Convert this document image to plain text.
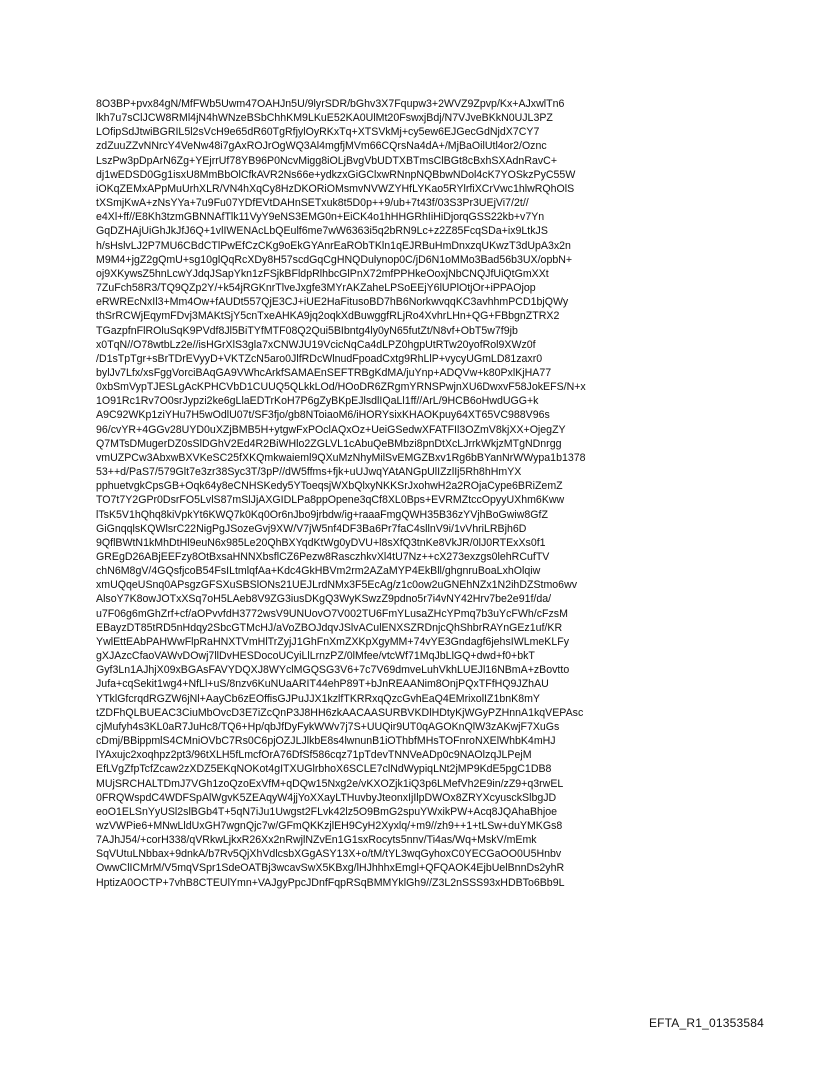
8O3BP+pvx84gN/MfFWb5Uwm47OAHJn5U/9lyrSDR/bGhv3X7Fqupw3+2WVZ9Zpvp/Kx+AJxwlTn6
lkh7u7sClJCW8RMl4jN4hWNzeBSbChhKM9LKuE52KA0UlMt20FswxjBdj/N7VJveBKkN0UJL3PZ
LOfipSdJtwiBGRIL5l2sVcH9e65dR60TgRfjylOyRKxTq+XTSVkMj+cy5ew6EJGecGdNjdX7CY7
zdZuuZZvNNrcY4VeNw48i7gAxROJrOgWQ3Al4mgfjMVm66CQrsNa4dA+/MjBaOilUtl4or2/Oznc
LszPw3pDpArN6Zg+YEjrrUf78YB96P0NcvMigg8iOLjBvgVbUDTXBTmsClBGt8cBxhSXAdnRavC+
dj1wEDSD0Gg1isxU8MmBbOlCfkAVR2Ns66e+ydkzxGiGClxwRNnpNQBbwNDol4cK7YOSkzPyC55W
iOKqZEMxAPpMuUrhXLR/VN4hXqCy8HzDKORiOMsmvNVWZYHfLYKao5RYlrfiXCrVwc1hlwRQhOlS
tXSmjKwA+zNsYYa+7u9Fu07YDfEVtDAHnSETxuk8t5D0p++9/ub+7t43f/03S3Pr3UEjVi7/2t//
e4Xl+ff//E8Kh3tzmGBNNAfTlk11VyY9eNS3EMG0n+EiCK4o1hHHGRhIiHiDjorqGSS22kb+v7Yn
GqDZHAjUiGhJkJfJ6Q+1vlIWENAcLbQEulf6me7wW6363i5q2bRN9Lc+z2Z85FcqSDa+ix9LtkJS
h/sHslvLJ2P7MU6CBdCTlPwEfCzCKg9oEkGYAnrEaRObTKln1qEJRBuHmDnxzqUKwzT3dUpA3x2n
M9M4+jgZ2gQmU+sg10glQqRcXDy8H57scdGqCgHNQDulynop0C/jD6N1oMMo3Bad56b3UX/opbN+
oj9XKywsZ5hnLcwYJdqJSapYkn1zFSjkBFldpRlhbcGlPnX72mfPPHkeOoxjNbCNQJfUiQtGmXXt
7ZuFch58R3/TQ9QZp2Y/+k54jRGKnrTlveJxgfe3MYrAKZaheLPSoEEjY6lUPlOtjOr+iPPAOjop
eRWREcNxIl3+Mm4Ow+fAUDt557QjE3CJ+iUE2HaFitusoBD7hB6NorkwvqqKC3avhhmPCD1bjQWy
thSrRCWjEqymFDvj3MAKtSjY5cnTxeAHKA9jq2oqkXdBuwggfRLjRo4XvhrLHn+QG+FBbgnZTRX2
TGazpfnFlROluSqK9PVdf8Jl5BiTYfMTF08Q2Qui5BIbntg4ly0yN65futZt/N8vf+ObT5w7f9jb
x0TqN//O78wtbLz2e//isHGrXlS3gla7xCNWJU19VcicNqCa4dLPZ0hgpUtRTw20yofRol9XWz0f
/D1sTpTgr+sBrTDrEVyyD+VKTZcN5aro0JlfRDcWlnudFpoadCxtg9RhLlP+vycyUGmLD81zaxr0
bylJv7Lfx/xsFggVorciBAqGA9VWhcArkfSAMAEnSEFTRBgKdMA/juYnp+ADQVw+k80PxlKjHA77
0xbSmVypTJESLgAcKPHCVbD1CUUQ5QLkkLOd/HOoDR6ZRgmYRNSPwjnXU6DwxvF58JokEFS/N+x
1O91Rc1Rv7O0srJypzi2ke6gLlaEDTrKoH7P6gZyBKpEJlsdlIQaLl1ff//ArL/9HCB6oHwdUGG+k
A9C92WKp1ziYHu7H5wOdlU07t/SF3fjo/gb8NToiaoM6/iHORYsixKHAOKpuy64XT65VC988V96s
96/cvYR+4GGv28UYD0uXZjBMB5H+ytgwFxPOclAQxOz+UeiGSedwXFATFIl3OZmV8kjXX+OjegZY
Q7MTsDMugerDZ0sSlDGhV2Ed4R2BiWHlo2ZGLVL1cAbuQeBMbzi8pnDtXcLJrrkWkjzMTgNDnrgg
vmUZPCw3AbxwBXVKeSC25fXKQmkwaieml9QXuMzNhyMilSvEMGZBxv1Rg6bBYanNrWWypa1b1378
53++d/PaS7/579Glt7e3zr38Syc3T/3pP//dW5ffms+fjk+uUJwqYAtANGpUlIZzlIj5Rh8hHmYX
pphuetvgkCpsGB+Oqk64y8eCNHSKedy5YToeqsjWXbQlxyNKKSrJxohwH2a2ROjaCype6BRiZemZ
TO7t7Y2GPr0DsrFO5LvlS87mSlJjAXGIDLPa8ppOpene3qCf8XL0Bps+EVRMZtccOpyyUXhm6Kww
lTsK5V1hQhq8kiVpkYt6KWQ7k0Kq0Or6nJbo9jrbdw/ig+raaaFmgQWH35B36zYVjhBoGwiw8GfZ
GiGnqqlsKQWlsrC22NigPgJSozeGvj9XW/V7jW5nf4DF3Ba6Pr7faC4sllnV9i/1vVhriLRBjh6D
9QflBWtN1kMhDtHl9euN6x985Le20QhBXYqdKtWg0yDVU+l8sXfQ3tnKe8VkJR/0lJ0RTExXs0f1
GREgD26ABjEEFzy8OtBxsaHNNXbsflCZ6Pezw8RasczhkvXl4tU7Nz++cX273exzgs0lehRCufTV
chN6M8gV/4GQsfjcoB54FsILtmlqfAa+Kdc4GkHBVm2rm2AZaMYP4EkBll/ghgnruBoaLxhOlqiw
xmUQqeUSnq0APsgzGFSXuSBSlONs21UEJLrdNMx3F5EcAg/z1c0ow2uGNEhNZx1N2ihDZStmo6wv
AlsoY7K8owJOTxXSq7oH5LAeb8V9ZG3iusDKgQ3WyKSwzZ9pdno5r7i4vNY42Hrv7be2e91f/da/
u7F06g6mGhZrf+cf/aOPvvfdH3772wsV9UNUovO7V002TU6FmYLusaZHcYPmq7b3uYcFWh/cFzsM
EBayzDT85tRD5nHdqy2SbcGTMcHJ/aVoZBOJdqvJSlvACulENXSZRDnjcQhShbrRAYnGEz1uf/KR
YwlEttEAbPAHWwFlpRaHNXTVmHlTrZyjJ1GhFnXmZXKpXgyMM+74vYE3Gndagf6jehsIWLmeKLFy
gXJAzcCfaoVAWvDOwj7llDvHESDocoUCyiLlLrnzPZ/0lMfee/vtcWf71MqJbLlGQ+dwd+f0+bkT
Gyf3Ln1AJhjX09xBGAsFAVYDQXJ8WYclMGQSG3V6+7c7V69dmveLuhVkhLUEJl16NBmA+zBovtto
Jufa+cqSekit1wg4+NfLl+uS/8nzv6KuNUaARIT44ehP89T+bJnREAANim8OnjPQxTFfHQ9JZhAU
YTklGfcrqdRGZW6jNl+AayCb6zEOffisGJPuJJX1kzlfTKRRxqQzcGvhEaQ4EMrixolIZ1bnK8mY
tZDFhQLBUEAC3CiuMbOvcD3E7iZcQnP3J8HH6zkAACAASURBVKDlHDtyKjWGyPZHnnA1kqVEPAsc
cjMufyh4s3KL0aR7JuHc8/TQ6+Hp/qbJfDyFykWWv7j7S+UUQir9UT0qAGOKnQlW3zAKwjF7XuGs
cDmj/BBippmlS4CMniOVbC7Rs0C6pjOZJLJlkbE8s4lwnunB1iOThbfMHsTOFnroNXElWhbK4mHJ
lYAxujc2xoqhpz2pt3/96tXLH5fLmcfOrA76DfSf586cqz71pTdevTNNVeADp0c9NAOlzqJLPejM
EfLVgZfpTcfZcaw2zXDZ5EKqNOKot4gITXUGlrbhoX6SCLE7clNdWypiqLNt2jMP9KdE5pgC1DB8
MUjSRCHALTDmJ7VGh1zoQzoExVfM+qDQw15Nxg2e/vKXOZjk1iQ3p6LMefVh2E9in/zZ9+q3rwEL
0FRQWspdC4WDFSpAlWgvK5ZEAqyW4jjYoXXayLTHuvbyJteonxIjIlpDWOx8ZRYXcyusckSlbgJD
eoO1ELSnYyUSl2slBGb4T+5qN7iJu1Uwgst2FLvk42lz5O9BmG2spuYWxikPW+Acq8JQAhaBhjoe
wzVWPie6+MNwLldUxGH7wgnQjc7w/GFmQKKzjlEH9CyH2Xyxlq/+m9//zh9++1+tLSw+duYMKGs8
7AJhJ54/+corH338/qVRkwLjkxR26Xx2nRwjlNZvEn1G1sxRocyts5nnv/Ti4as/Wq+MskV/mEmk
SqVUtuLNbbax+9dnkA/b7Rv5QjXhVdlcsbXGgASY13X+o/tM/tYL3wqGyhoxC0YECGaOO0U5Hnbv
OwwClICMrM/V5mqVSpr1SdeOATBj3wcavSwX5KBxg/lHJhhhxEmgl+QFQAOK4EjbUelBnnDs2yhR
HptizA0OCTP+7vhB8CTEUlYmn+VAJgyPpcJDnfFqpRSqBMMYklGh9//Z3L2nSSS93xHDBTo6Bb9L
EFTA_R1_01353584
